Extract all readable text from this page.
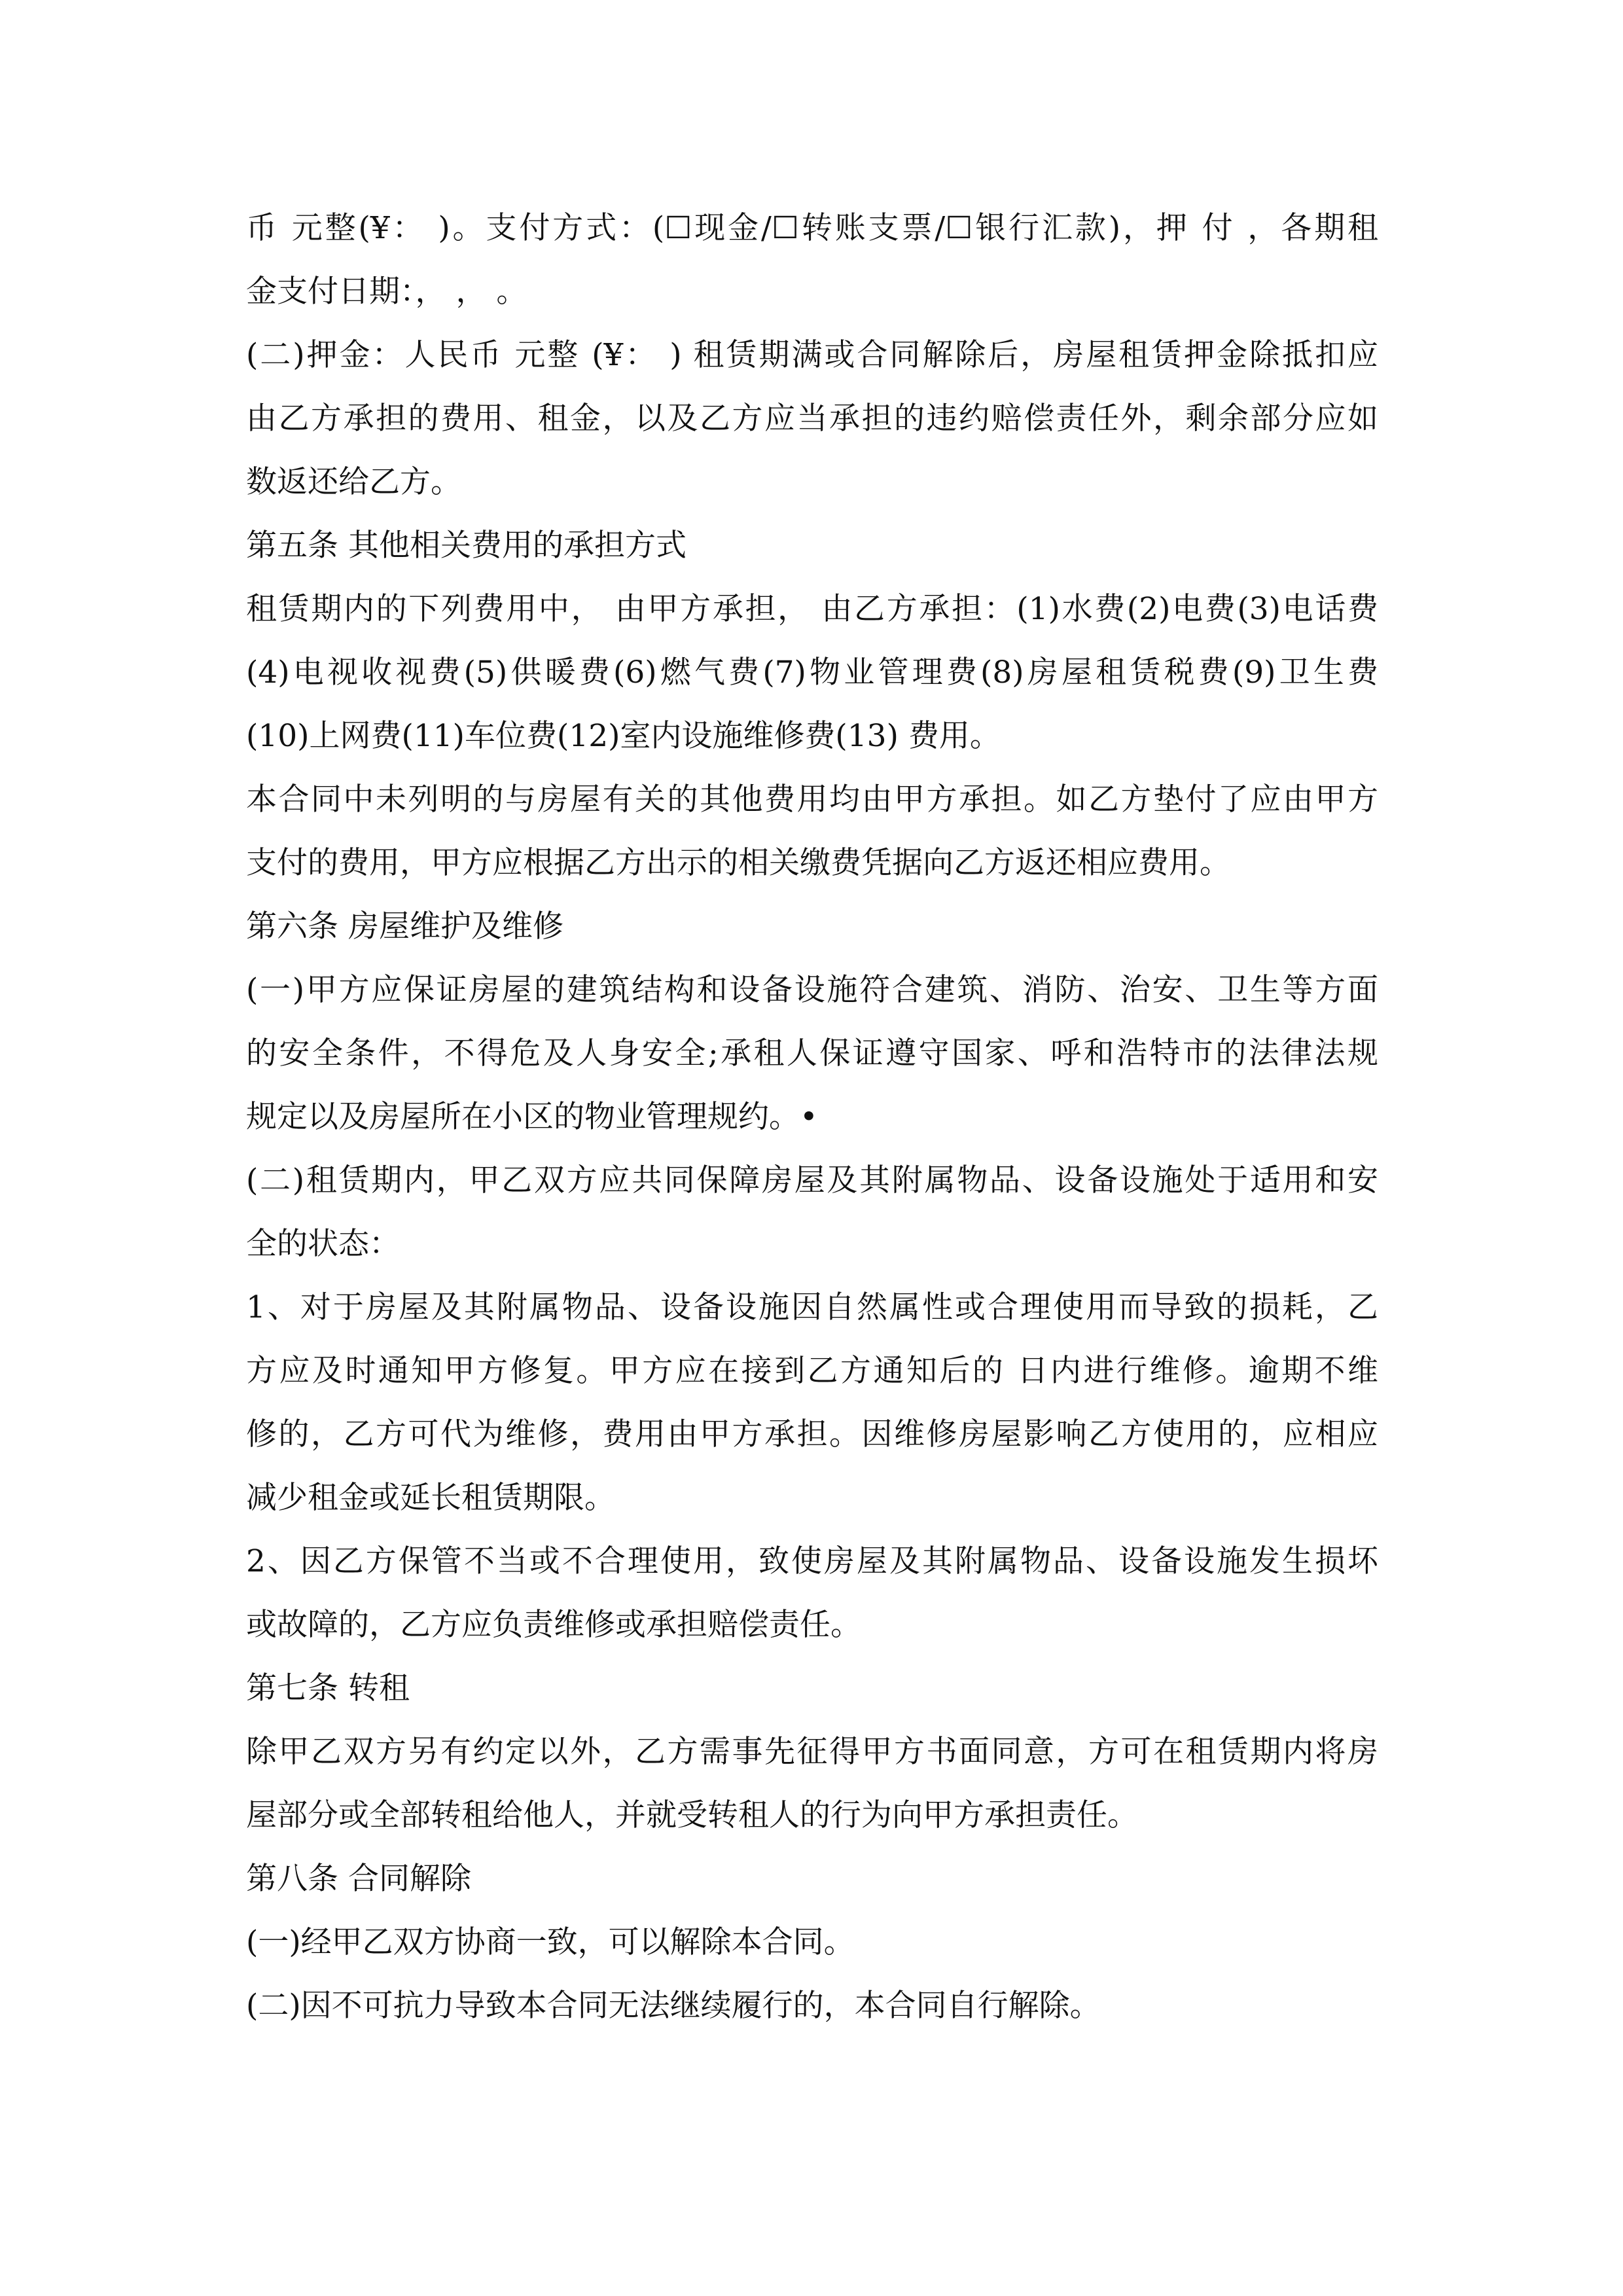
币 元整(¥： )。支付方式：(☐现金/☐转账支票/☐银行汇款)，押 付 ，各期租
金支付日期：， ， 。
(二)押金：人民币 元整 (¥： ) 租赁期满或合同解除后，房屋租赁押金除抵扣应
由乙方承担的费用、租金，以及乙方应当承担的违约赔偿责任外，剩余部分应如
数返还给乙方。
第五条 其他相关费用的承担方式
租赁期内的下列费用中， 由甲方承担， 由乙方承担：(1)水费(2)电费(3)电话费
(4)电视收视费(5)供暖费(6)燃气费(7)物业管理费(8)房屋租赁税费(9)卫生费
(10)上网费(11)车位费(12)室内设施维修费(13) 费用。
本合同中未列明的与房屋有关的其他费用均由甲方承担。如乙方垫付了应由甲方
支付的费用，甲方应根据乙方出示的相关缴费凭据向乙方返还相应费用。
第六条 房屋维护及维修
(一)甲方应保证房屋的建筑结构和设备设施符合建筑、消防、治安、卫生等方面
的安全条件，不得危及人身安全;承租人保证遵守国家、呼和浩特市的法律法规
规定以及房屋所在小区的物业管理规约。•
(二)租赁期内，甲乙双方应共同保障房屋及其附属物品、设备设施处于适用和安
全的状态：
1、对于房屋及其附属物品、设备设施因自然属性或合理使用而导致的损耗，乙
方应及时通知甲方修复。甲方应在接到乙方通知后的 日内进行维修。逾期不维
修的，乙方可代为维修，费用由甲方承担。因维修房屋影响乙方使用的，应相应
减少租金或延长租赁期限。
2、因乙方保管不当或不合理使用，致使房屋及其附属物品、设备设施发生损坏
或故障的，乙方应负责维修或承担赔偿责任。
第七条 转租
除甲乙双方另有约定以外，乙方需事先征得甲方书面同意，方可在租赁期内将房
屋部分或全部转租给他人，并就受转租人的行为向甲方承担责任。
第八条 合同解除
(一)经甲乙双方协商一致，可以解除本合同。
(二)因不可抗力导致本合同无法继续履行的，本合同自行解除。
